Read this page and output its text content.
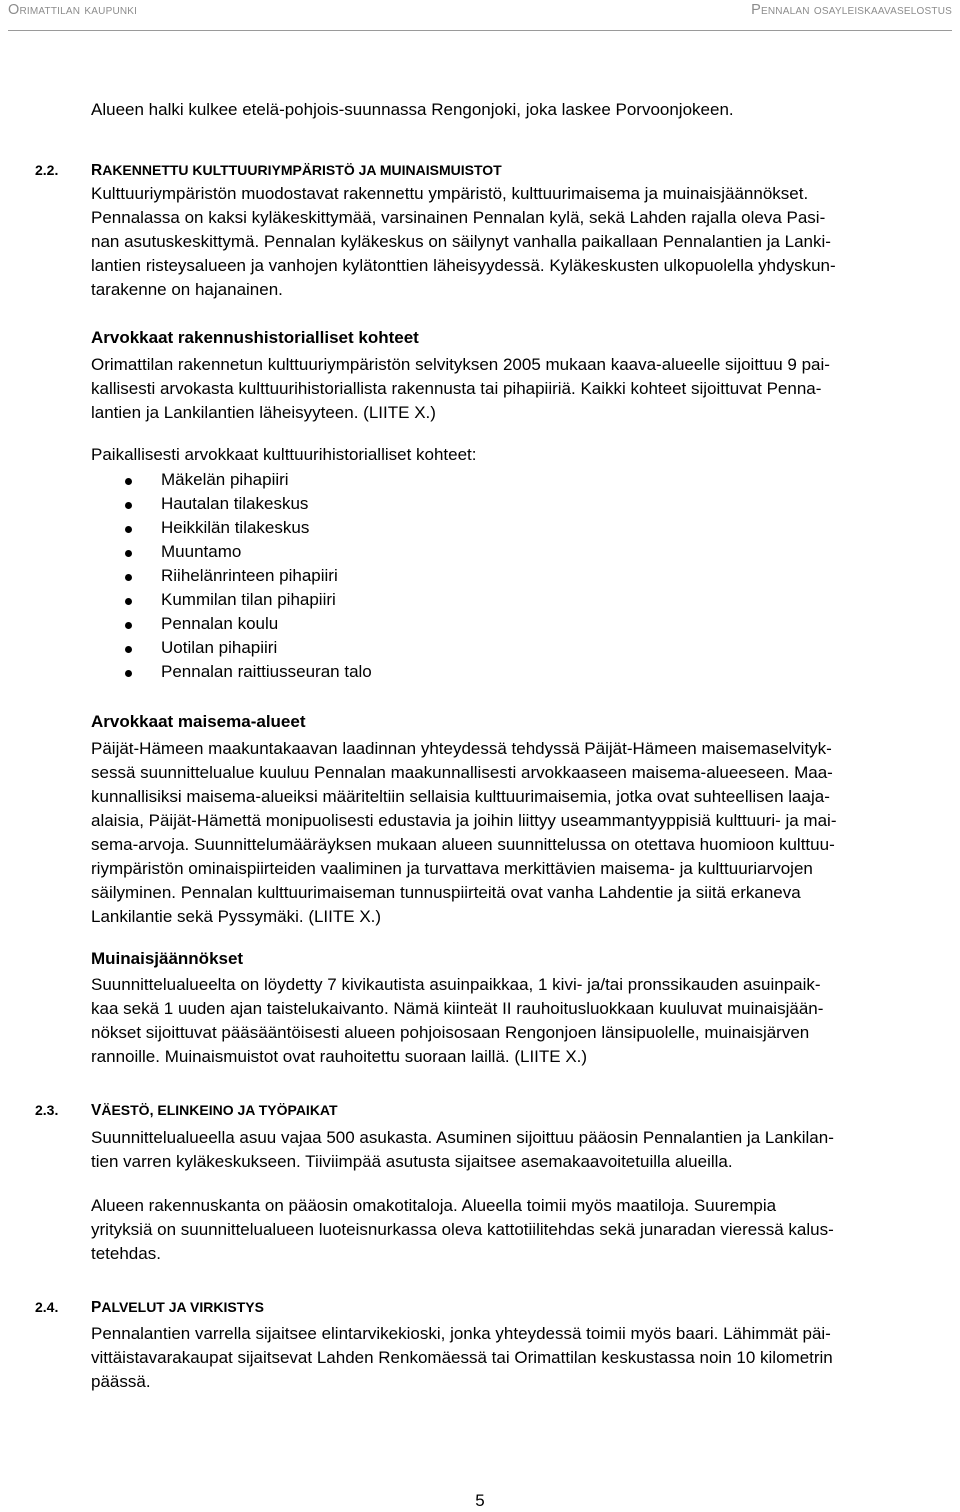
Orimattilan kaupunki	Pennalan osayleiskaavaselostus

Alueen halki kulkee etelä-pohjois-suunnassa Rengonjoki, joka laskee Porvoonjokeen.

2.2. RAKENNETTU KULTTUURIYMPÄRISTÖ JA MUINAISMUISTOT

Kulttuuriympäristön muodostavat rakennettu ympäristö, kulttuurimaisema ja muinaisjäännökset.
Pennalassa on kaksi kyläkeskittymää, varsinainen Pennalan kylä, sekä Lahden rajalla oleva Pasi-
nan asutuskeskittymä. Pennalan kyläkeskus on säilynyt vanhalla paikallaan Pennalantien ja Lanki-
lantien risteysalueen ja vanhojen kylätonttien läheisyydessä. Kyläkeskusten ulkopuolella yhdyskun-
tarakenne on hajanainen.

Arvokkaat rakennushistorialliset kohteet

Orimattilan rakennetun kulttuuriympäristön selvityksen 2005 mukaan kaava-alueelle sijoittuu 9 pai-
kallisesti arvokasta kulttuurihistoriallista rakennusta tai pihapiiriä. Kaikki kohteet sijoittuvat Penna-
lantien ja Lankilantien läheisyyteen. (LIITE X.)

Paikallisesti arvokkaat kulttuurihistorialliset kohteet:

Mäkelän pihapiiri
Hautalan tilakeskus
Heikkilän tilakeskus
Muuntamo
Riihelänrinteen pihapiiri
Kummilan tilan pihapiiri
Pennalan koulu
Uotilan pihapiiri
Pennalan raittiusseuran talo

Arvokkaat maisema-alueet

Päijät-Hämeen maakuntakaavan laadinnan yhteydessä tehdyssä Päijät-Hämeen maisemaselvityk-
sessä suunnittelualue kuuluu Pennalan maakunnallisesti arvokkaaseen maisema-alueeseen. Maa-
kunnallisiksi maisema-alueiksi määriteltiin sellaisia kulttuurimaisemia, jotka ovat suhteellisen laaja-
alaisia, Päijät-Hämettä monipuolisesti edustavia ja joihin liittyy useammantyyppisiä kulttuuri- ja mai-
sema-arvoja. Suunnittelumääräyksen mukaan alueen suunnittelussa on otettava huomioon kulttuu-
riympäristön ominaispiirteiden vaaliminen ja turvattava merkittävien maisema- ja kulttuuriarvojen
säilyminen. Pennalan kulttuurimaiseman tunnuspiirteitä ovat vanha Lahdentie ja siitä erkaneva
Lankilantie sekä Pyssymäki. (LIITE X.)

Muinaisjäännökset

Suunnittelualueelta on löydetty 7 kivikautista asuinpaikkaa, 1 kivi- ja/tai pronssikauden asuinpaik-
kaa sekä 1 uuden ajan taistelukaivanto. Nämä kiinteät II rauhoitusluokkaan kuuluvat muinaisjään-
nökset sijoittuvat pääsääntöisesti alueen pohjoisosaan Rengonjoen länsipuolelle, muinaisjärven
rannoille. Muinaismuistot ovat rauhoitettu suoraan laillä. (LIITE X.)

2.3. VÄESTÖ, ELINKEINO JA TYÖPAIKAT

Suunnittelualueella asuu vajaa 500 asukasta. Asuminen sijoittuu pääosin Pennalantien ja Lankilan-
tien varren kyläkeskukseen. Tiiviimpää asutusta sijaitsee asemakaavoitetuilla alueilla.

Alueen rakennuskanta on pääosin omakotitaloja. Alueella toimii myös maatiloja. Suurempia
yrityksiä on suunnittelualueen luoteisnurkassa oleva kattotiilitehdas sekä junaradan vieressä kalus-
tetehdas.

2.4. PALVELUT JA VIRKISTYS

Pennalantien varrella sijaitsee elintarvikekioski, jonka yhteydessä toimii myös baari. Lähimmät päi-
vittäistavarakaupat sijaitsevat Lahden Renkomäessä tai Orimattilan keskustassa noin 10 kilometrin
päässä.

5
